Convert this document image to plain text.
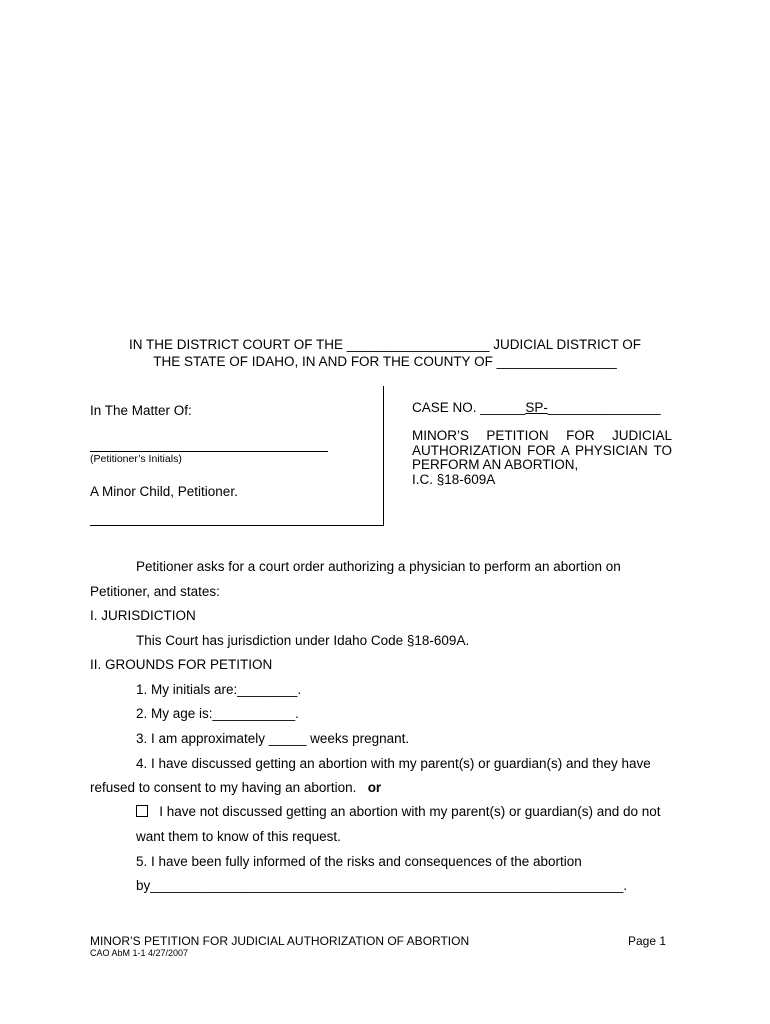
IN THE DISTRICT COURT OF THE ___________________ JUDICIAL DISTRICT OF
THE STATE OF IDAHO, IN AND FOR THE COUNTY OF ________________
In The Matter Of:
(Petitioner’s Initials)
A Minor Child, Petitioner.
CASE NO. ______SP-_______________
MINOR’S PETITION FOR JUDICIAL
AUTHORIZATION FOR A PHYSICIAN TO
PERFORM AN ABORTION,
I.C. §18-609A
Petitioner asks for a court order authorizing a physician to perform an abortion on
Petitioner, and states:
I. JURISDICTION
This Court has jurisdiction under Idaho Code §18-609A.
II. GROUNDS FOR PETITION
1. My initials are:________.
2. My age is:___________.
3. I am approximately _____ weeks pregnant.
4. I have discussed getting an abortion with my parent(s) or guardian(s) and they have
refused to consent to my having an abortion. or
I have not discussed getting an abortion with my parent(s) or guardian(s) and do not
want them to know of this request.
5. I have been fully informed of the risks and consequences of the abortion
by_______________________________________________________________.
MINOR’S PETITION FOR JUDICIAL AUTHORIZATION OF ABORTION
CAO AbM 1-1 4/27/2007
Page 1
